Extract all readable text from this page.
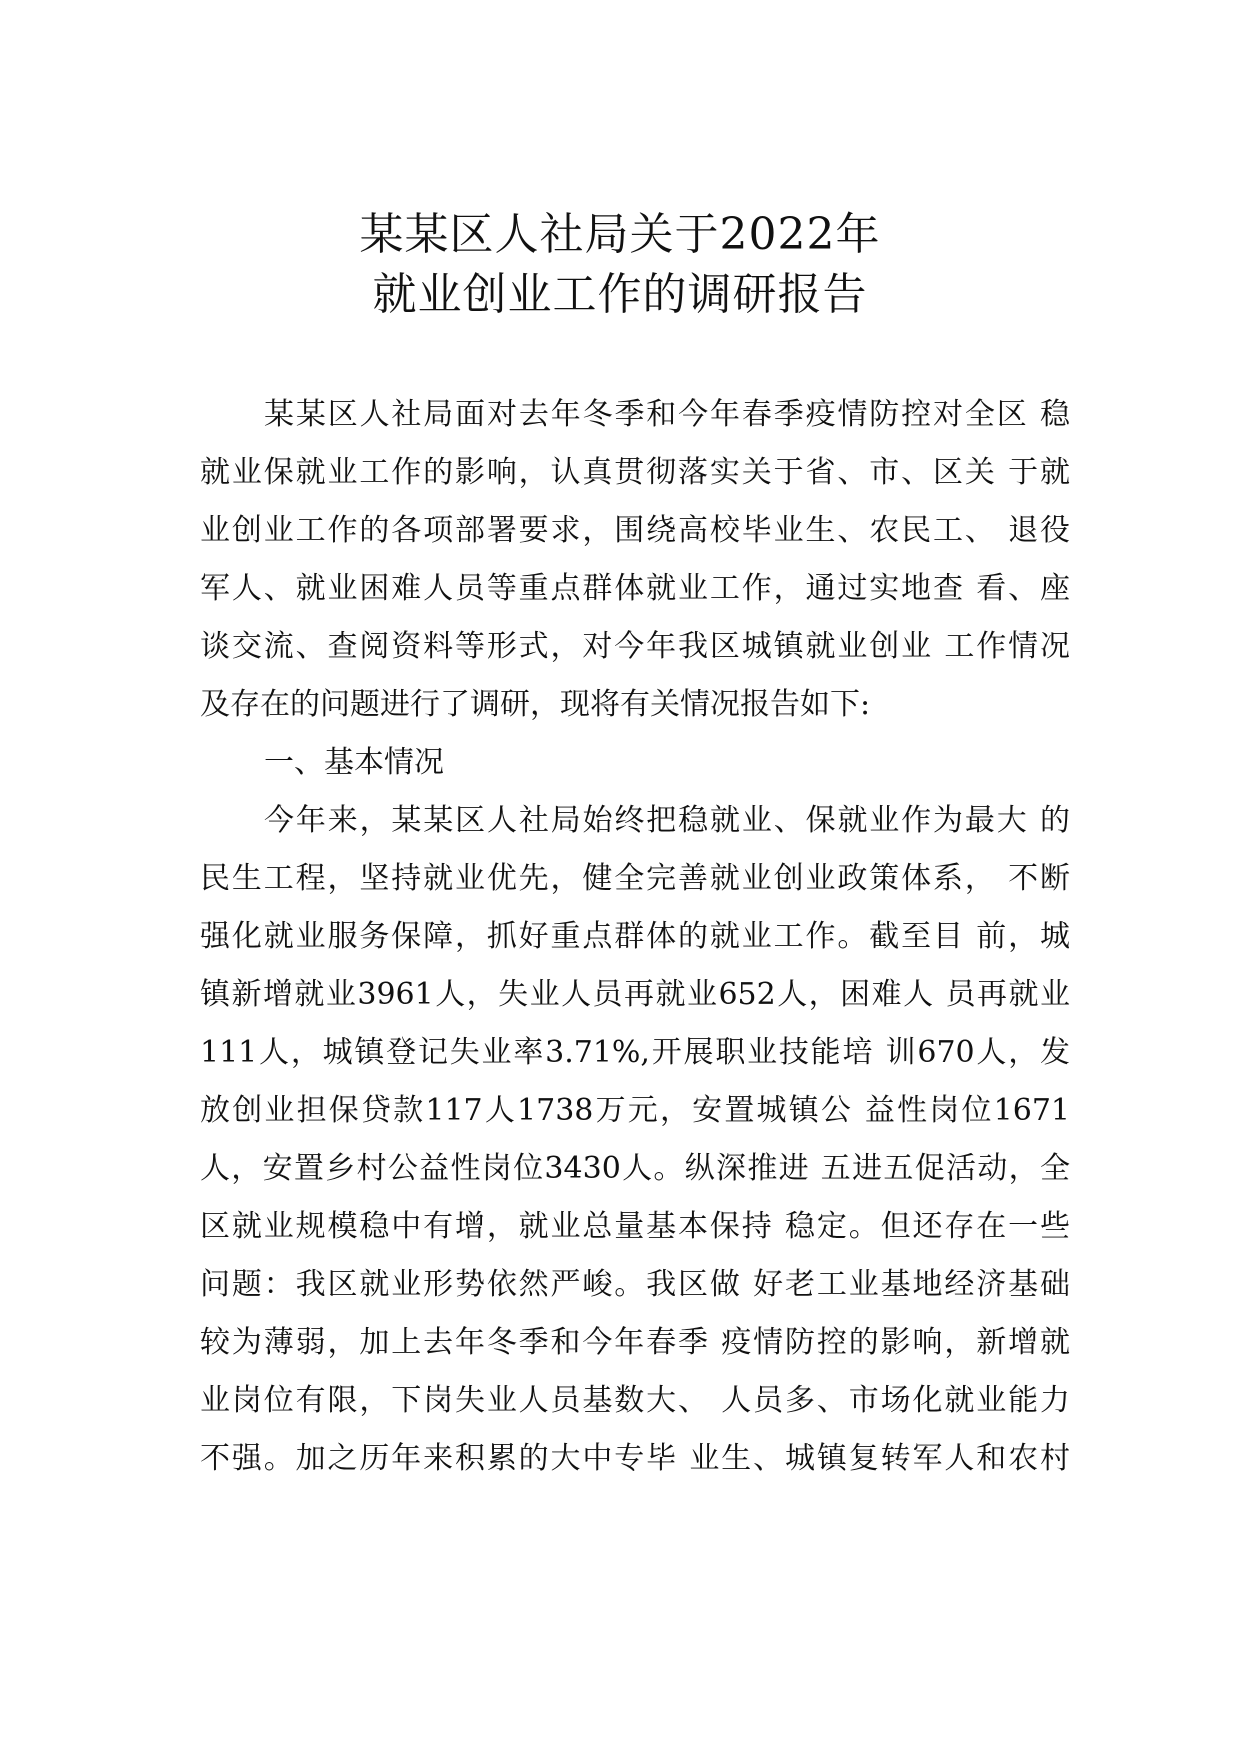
某某区人社局关于2022年
就业创业工作的调研报告
某某区人社局面对去年冬季和今年春季疫情防控对全区 稳
就业保就业工作的影响，认真贯彻落实关于省、市、区关 于就
业创业工作的各项部署要求，围绕高校毕业生、农民工、 退役
军人、就业困难人员等重点群体就业工作，通过实地查 看、座
谈交流、查阅资料等形式，对今年我区城镇就业创业 工作情况
及存在的问题进行了调研，现将有关情况报告如下:
一、基本情况
今年来，某某区人社局始终把稳就业、保就业作为最大 的
民生工程，坚持就业优先，健全完善就业创业政策体系， 不断
强化就业服务保障，抓好重点群体的就业工作。截至目 前，城
镇新增就业3961人，失业人员再就业652人，困难人 员再就业
111人，城镇登记失业率3.71%,开展职业技能培 训670人，发
放创业担保贷款117人1738万元，安置城镇公 益性岗位1671
人，安置乡村公益性岗位3430人。纵深推进 五进五促活动，全
区就业规模稳中有增，就业总量基本保持 稳定。但还存在一些
问题：我区就业形势依然严峻。我区做 好老工业基地经济基础
较为薄弱，加上去年冬季和今年春季 疫情防控的影响，新增就
业岗位有限，下岗失业人员基数大、 人员多、市场化就业能力
不强。加之历年来积累的大中专毕 业生、城镇复转军人和农村
